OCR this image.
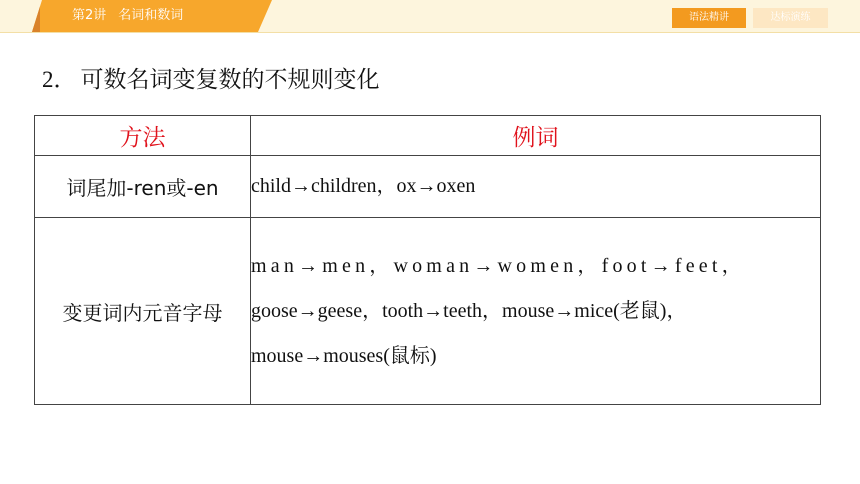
第2讲 名词和数词	语法精讲	达标演练
2． 可数名词变复数的不规则变化
方法	例词
词尾加-ren或-en	child→children，ox→oxen

变更词内元音字母	man→men，woman→women，foot→feet，
goose→geese，tooth→teeth，mouse→mice(老鼠)，
mouse→mouses(鼠标)
